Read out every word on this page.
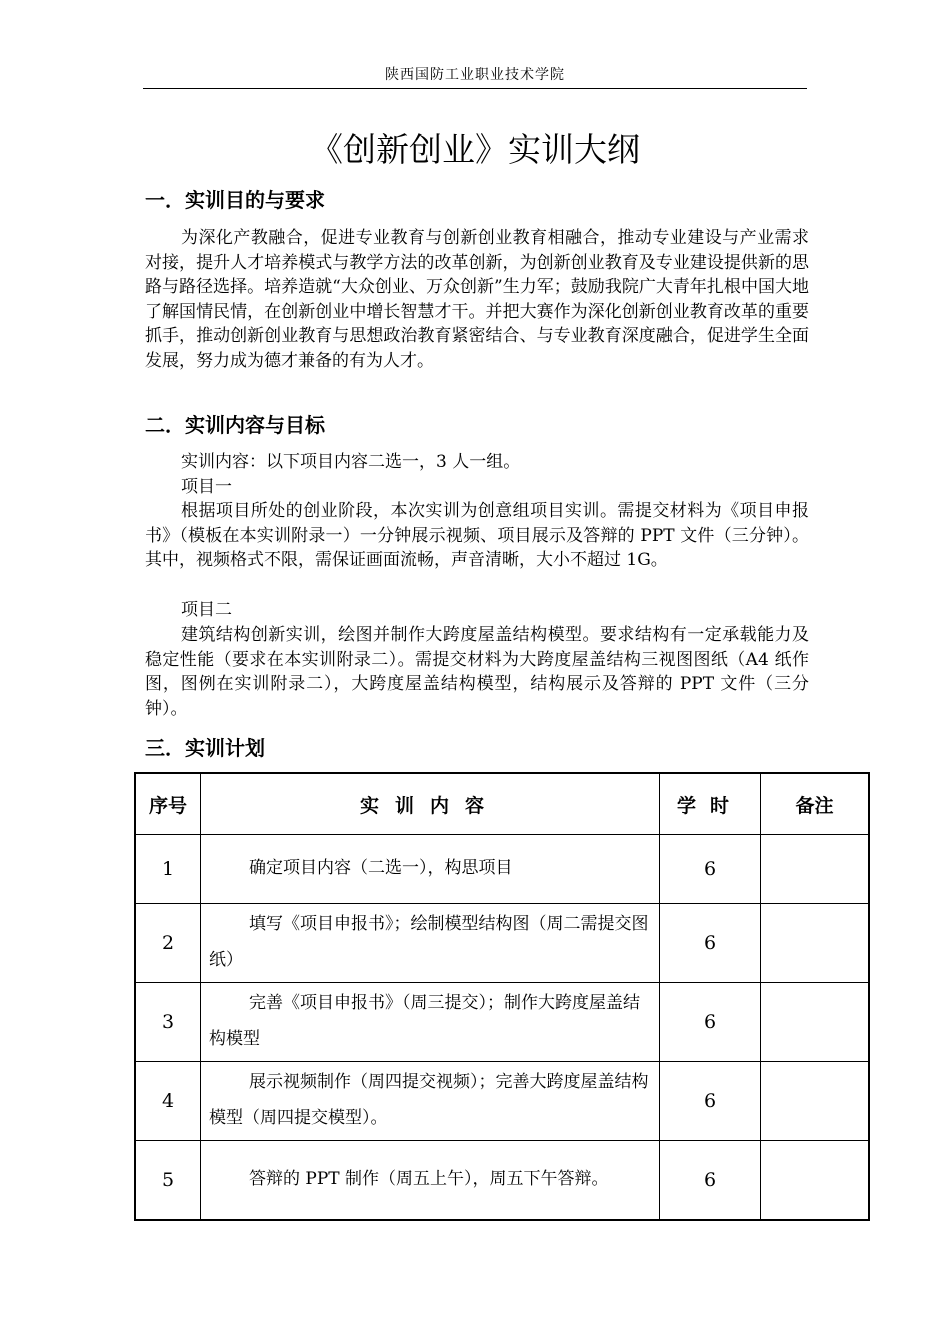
陕西国防工业职业技术学院
《创新创业》实训大纲
一．实训目的与要求
为深化产教融合，促进专业教育与创新创业教育相融合，推动专业建设与产业需求对接，提升人才培养模式与教学方法的改革创新，为创新创业教育及专业建设提供新的思路与路径选择。培养造就“大众创业、万众创新”生力军；鼓励我院广大青年扎根中国大地了解国情民情，在创新创业中增长智慧才干。并把大赛作为深化创新创业教育改革的重要抓手，推动创新创业教育与思想政治教育紧密结合、与专业教育深度融合，促进学生全面发展，努力成为德才兼备的有为人才。
二．实训内容与目标
实训内容：以下项目内容二选一，3 人一组。
项目一
根据项目所处的创业阶段，本次实训为创意组项目实训。需提交材料为《项目申报书》（模板在本实训附录一）一分钟展示视频、项目展示及答辩的 PPT 文件（三分钟）。其中，视频格式不限，需保证画面流畅，声音清晰，大小不超过 1G。
项目二
建筑结构创新实训，绘图并制作大跨度屋盖结构模型。要求结构有一定承载能力及稳定性能（要求在本实训附录二）。需提交材料为大跨度屋盖结构三视图图纸（A4 纸作图，图例在实训附录二），大跨度屋盖结构模型，结构展示及答辩的 PPT 文件（三分钟）。
三．实训计划
序号	实训内容	学时	备注
1	确定项目内容（二选一），构思项目	6	
2	填写《项目申报书》；绘制模型结构图（周二需提交图纸）	6	
3	完善《项目申报书》（周三提交）；制作大跨度屋盖结构模型	6	
4	展示视频制作（周四提交视频）；完善大跨度屋盖结构模型（周四提交模型）。	6	
5	答辩的 PPT 制作（周五上午），周五下午答辩。	6	
